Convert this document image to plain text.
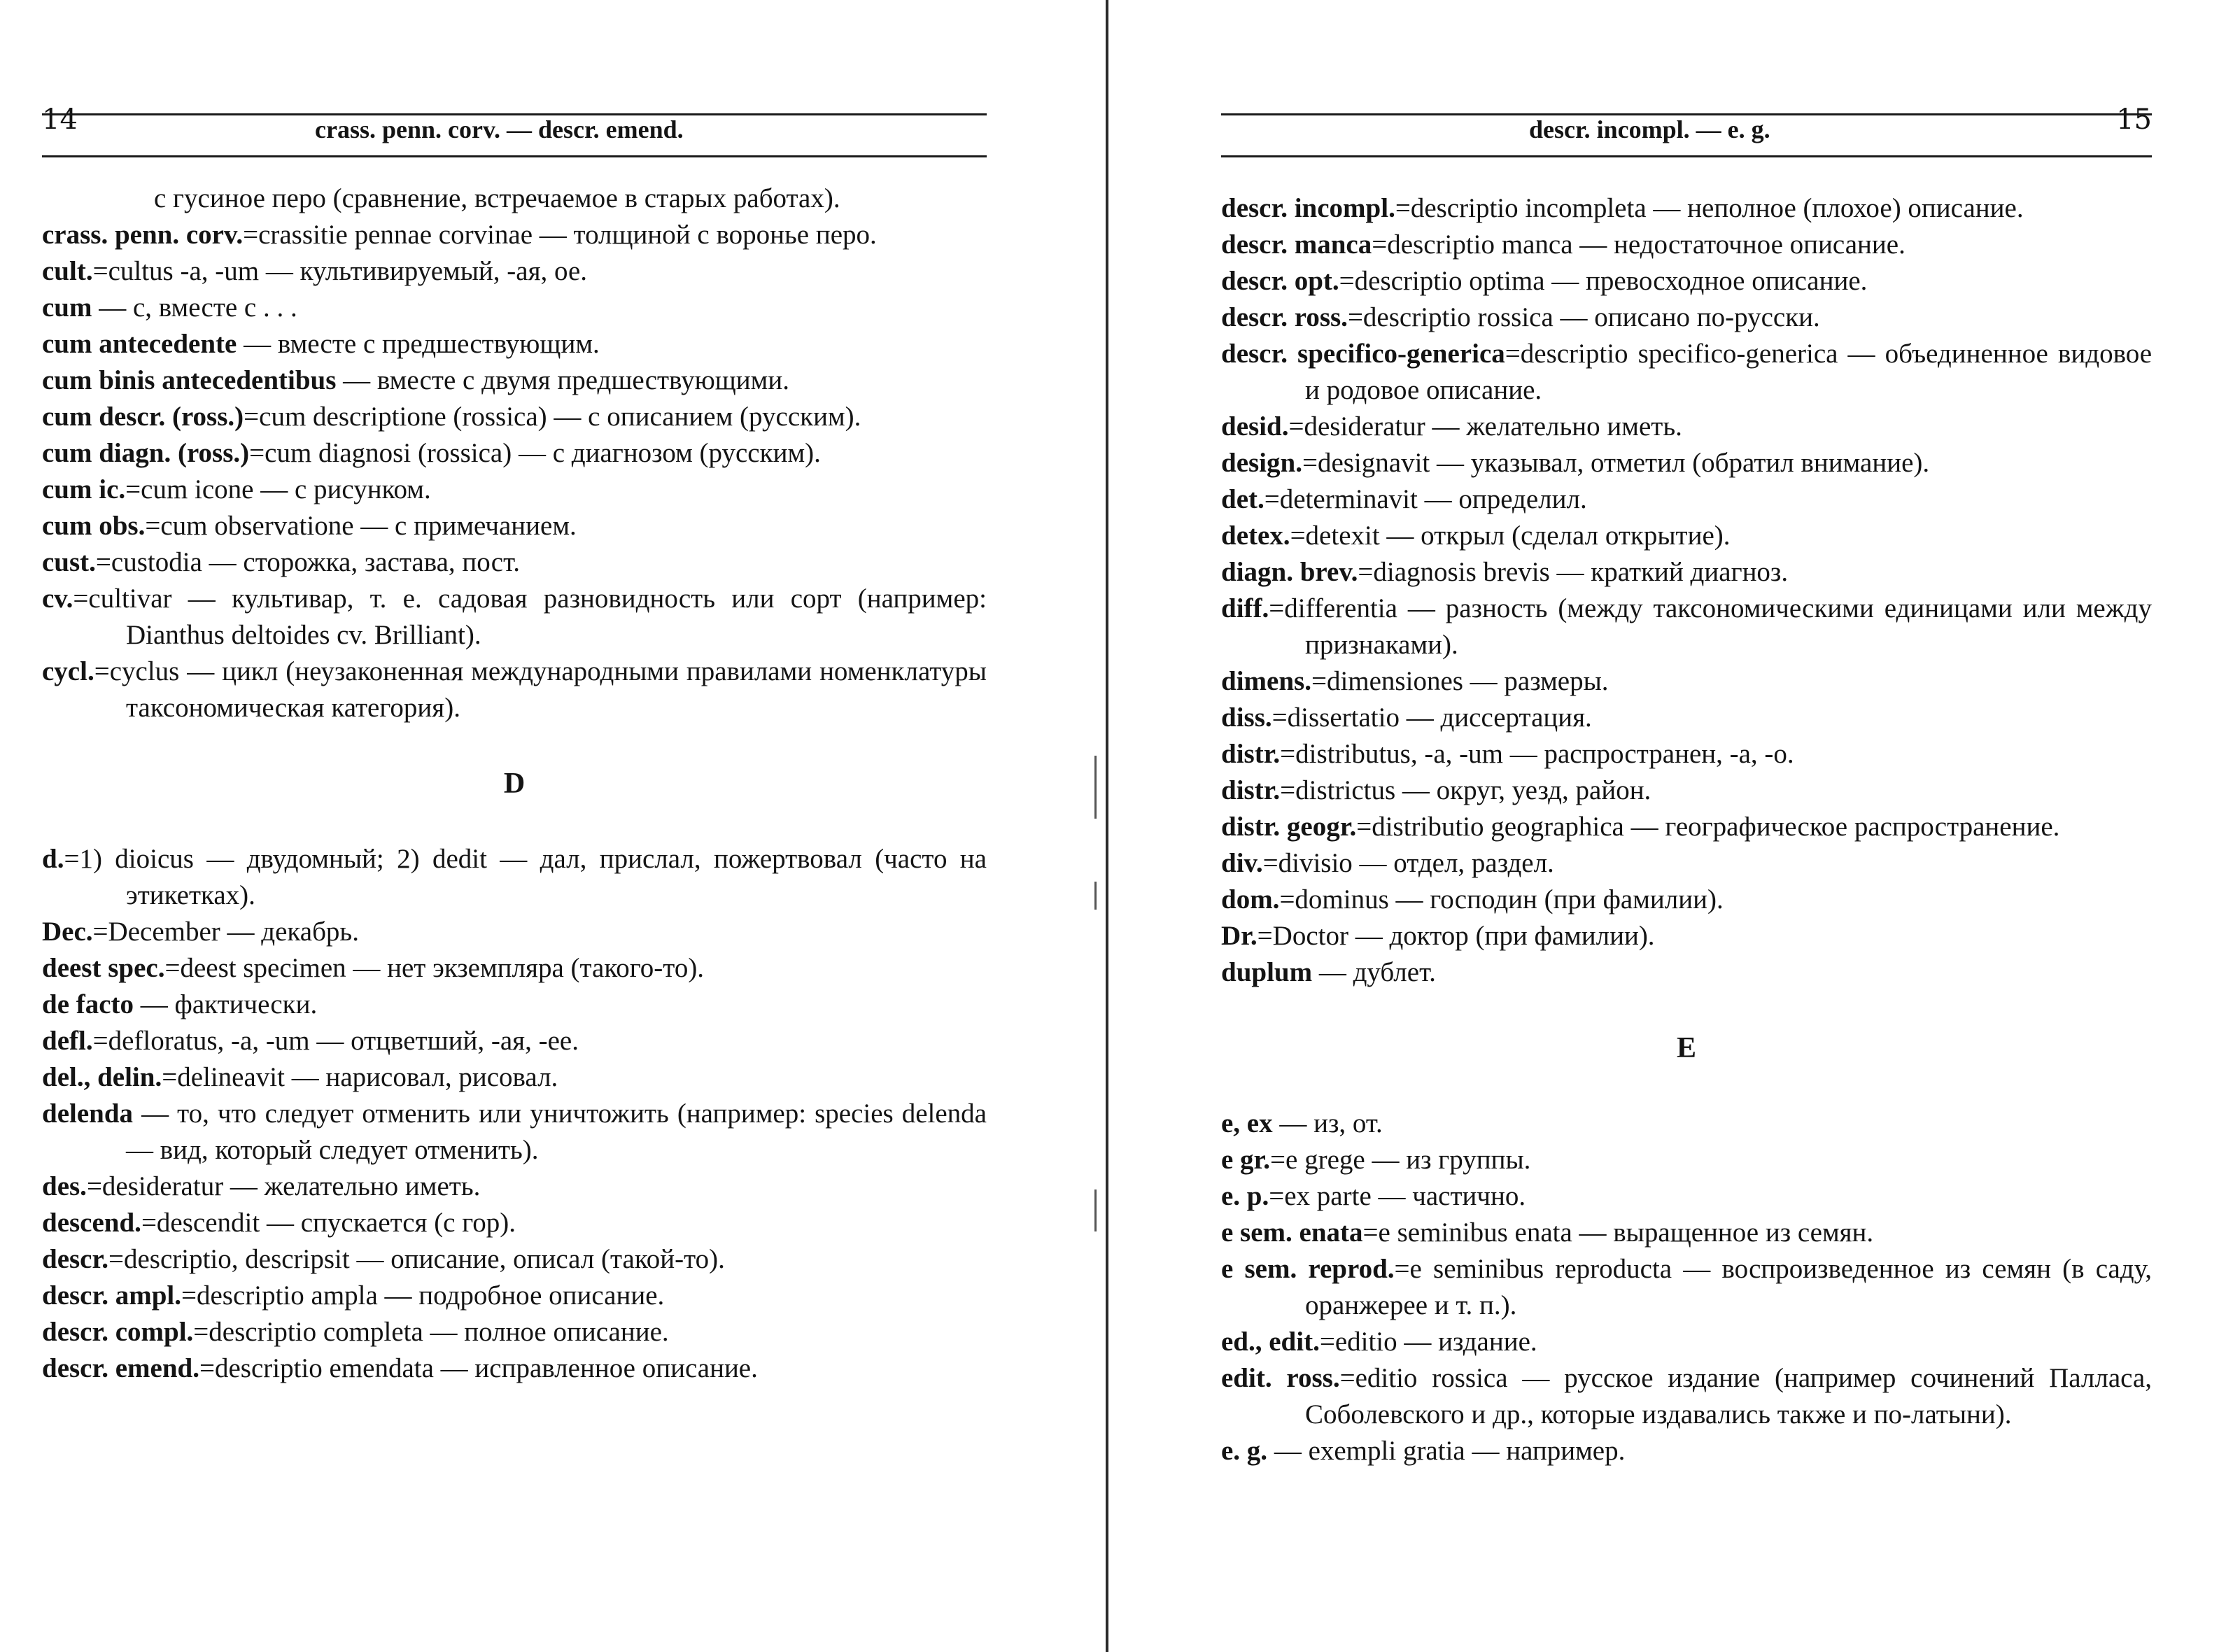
14	crass. penn. corv. — descr. emend.

с гусиное перо (сравнение, встречаемое в старых работах).

crass. penn. corv.=crassitie pennae corvinae — толщиной с воронье перо.

cult.=cultus -a, -um — культивируемый, -ая, ое.

cum — с, вместе с . . .

cum antecedente — вместе с предшествующим.

cum binis antecedentibus — вместе с двумя предшествующими.

cum descr. (ross.)=cum descriptione (rossica) — с описанием (русским).

cum diagn. (ross.)=cum diagnosi (rossica) — с диагнозом (русским).

cum ic.=cum icone — с рисунком.

cum obs.=cum observatione — с примечанием.

cust.=custodia — сторожка, застава, пост.

cv.=cultivar — культивар, т. е. садовая разновидность или сорт (например: Dianthus deltoides cv. Brilliant).

cycl.=cyclus — цикл (неузаконенная международными правилами номенклатуры таксономическая категория).

D

d.=1) dioicus — двудомный; 2) dedit — дал, прислал, пожертвовал (часто на этикетках).

Dec.=December — декабрь.

deest spec.=deest specimen — нет экземпляра (такого-то).

de facto — фактически.

defl.=defloratus, -a, -um — отцветший, -ая, -ее.

del., delin.=delineavit — нарисовал, рисовал.

delenda — то, что следует отменить или уничтожить (например: species delenda — вид, который следует отменить).

des.=desideratur — желательно иметь.

descend.=descendit — спускается (с гор).

descr.=descriptio, descripsit — описание, описал (такой-то).

descr. ampl.=descriptio ampla — подробное описание.

descr. compl.=descriptio completa — полное описание.

descr. emend.=descriptio emendata — исправленное описание.

descr. incompl. — e. g.	15

descr. incompl.=descriptio incompleta — неполное (плохое) описание.

descr. manca=descriptio manca — недостаточное описание.

descr. opt.=descriptio optima — превосходное описание.

descr. ross.=descriptio rossica — описано по-русски.

descr. specifico-generica=descriptio specifico-generica — объединенное видовое и родовое описание.

desid.=desideratur — желательно иметь.

design.=designavit — указывал, отметил (обратил внимание).

det.=determinavit — определил.

detex.=detexit — открыл (сделал открытие).

diagn. brev.=diagnosis brevis — краткий диагноз.

diff.=differentia — разность (между таксономическими единицами или между признаками).

dimens.=dimensiones — размеры.

diss.=dissertatio — диссертация.

distr.=distributus, -a, -um — распространен, -а, -о.

distr.=districtus — округ, уезд, район.

distr. geogr.=distributio geographica — географическое распространение.

div.=divisio — отдел, раздел.

dom.=dominus — господин (при фамилии).

Dr.=Doctor — доктор (при фамилии).

duplum — дублет.

E

e, ex — из, от.

e gr.=e grege — из группы.

e. p.=ex parte — частично.

e sem. enata=e seminibus enata — выращенное из семян.

e sem. reprod.=e seminibus reproducta — воспроизведенное из семян (в саду, оранжерее и т. п.).

ed., edit.=editio — издание.

edit. ross.=editio rossica — русское издание (например сочинений Палласа, Соболевского и др., которые издавались также и по-латыни).

e. g. — exempli gratia — например.
